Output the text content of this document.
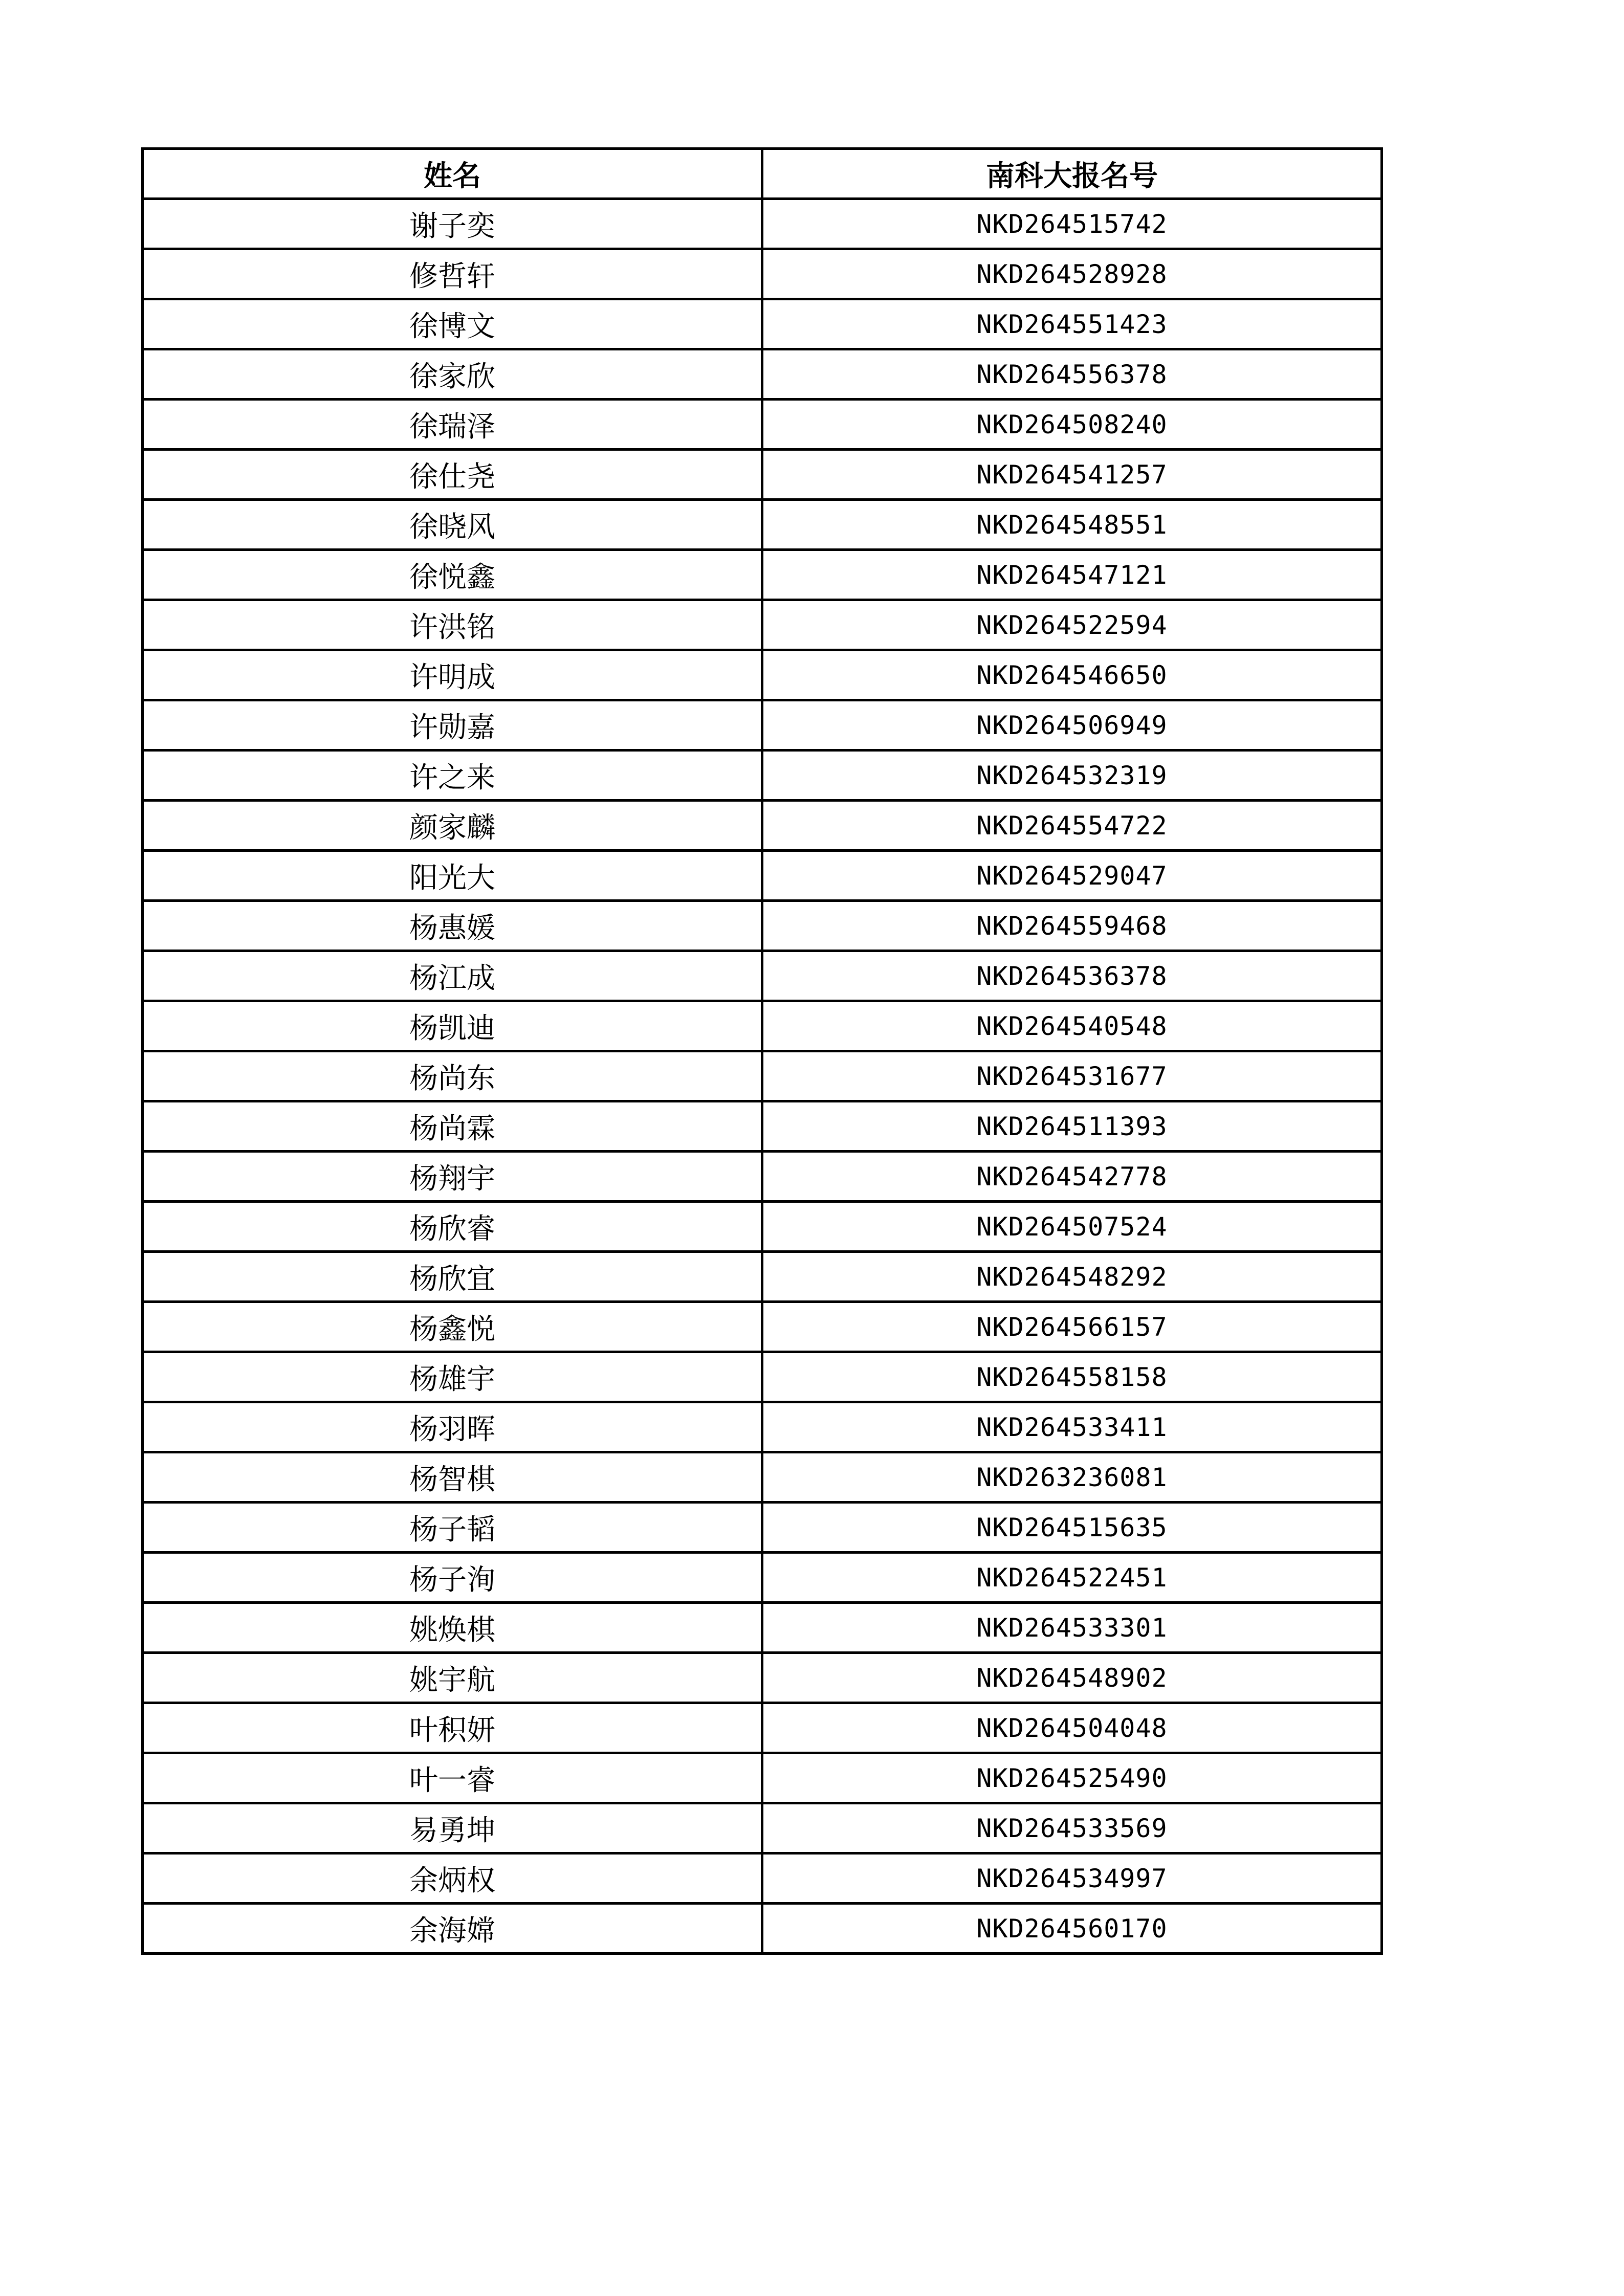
姓名	南科大报名号
谢子奕	NKD264515742
修哲轩	NKD264528928
徐博文	NKD264551423
徐家欣	NKD264556378
徐瑞泽	NKD264508240
徐仕尧	NKD264541257
徐晓风	NKD264548551
徐悦鑫	NKD264547121
许洪铭	NKD264522594
许明成	NKD264546650
许勋嘉	NKD264506949
许之来	NKD264532319
颜家麟	NKD264554722
阳光大	NKD264529047
杨惠媛	NKD264559468
杨江成	NKD264536378
杨凯迪	NKD264540548
杨尚东	NKD264531677
杨尚霖	NKD264511393
杨翔宇	NKD264542778
杨欣睿	NKD264507524
杨欣宜	NKD264548292
杨鑫悦	NKD264566157
杨雄宇	NKD264558158
杨羽晖	NKD264533411
杨智棋	NKD263236081
杨子韬	NKD264515635
杨子洵	NKD264522451
姚焕棋	NKD264533301
姚宇航	NKD264548902
叶积妍	NKD264504048
叶一睿	NKD264525490
易勇坤	NKD264533569
余炳权	NKD264534997
余海嫦	NKD264560170
